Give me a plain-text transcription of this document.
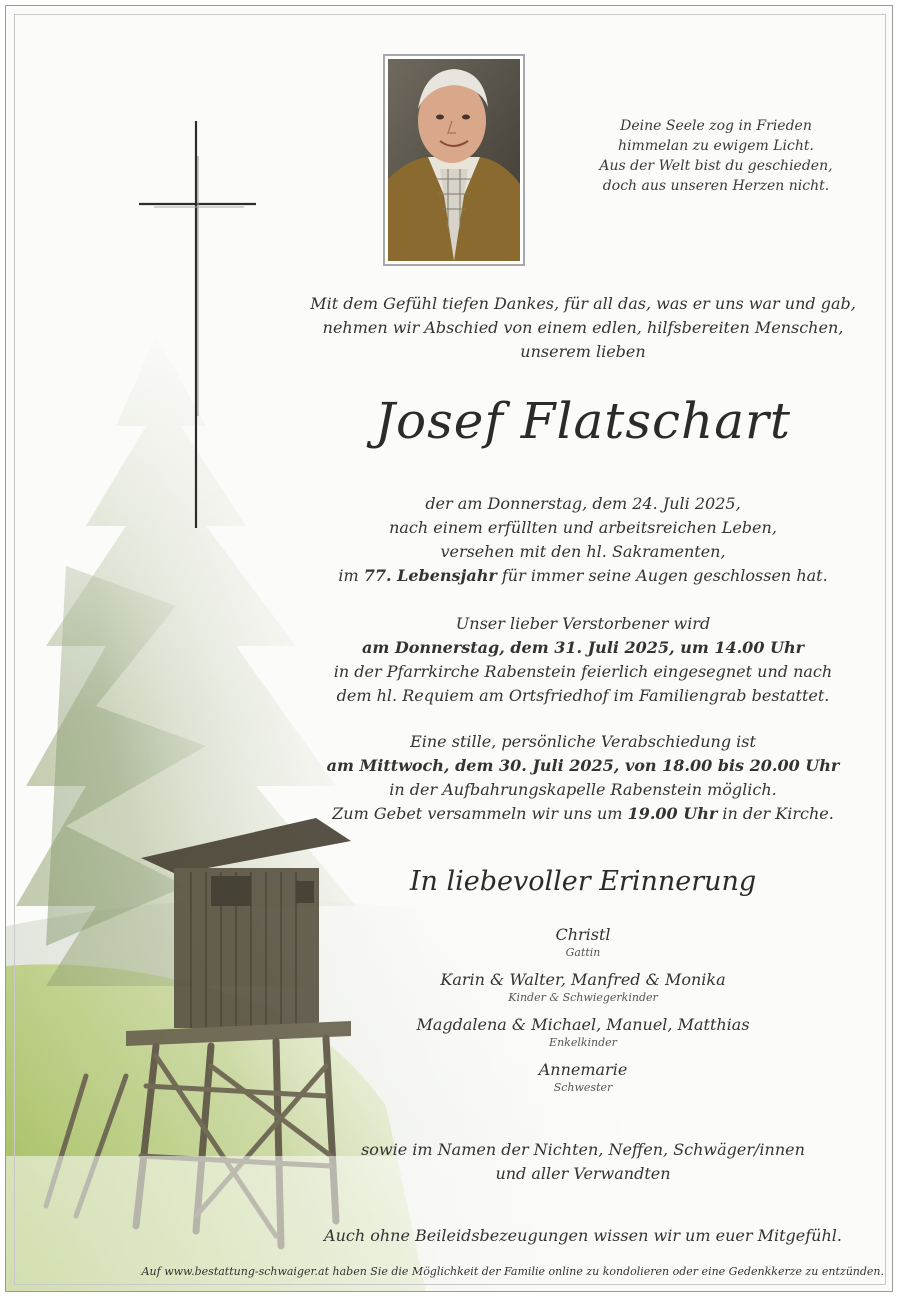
Deine Seele zog in Frieden
himmelan zu ewigem Licht.
Aus der Welt bist du geschieden,
doch aus unseren Herzen nicht.
Mit dem Gefühl tiefen Dankes, für all das, was er uns war und gab,
nehmen wir Abschied von einem edlen, hilfsbereiten Menschen,
unserem lieben
Josef Flatschart
der am Donnerstag, dem 24. Juli 2025,
nach einem erfüllten und arbeitsreichen Leben,
versehen mit den hl. Sakramenten,
im 77. Lebensjahr für immer seine Augen geschlossen hat.
Unser lieber Verstorbener wird
am Donnerstag, dem 31. Juli 2025, um 14.00 Uhr
in der Pfarrkirche Rabenstein feierlich eingesegnet und nach
dem hl. Requiem am Ortsfriedhof im Familiengrab bestattet.
Eine stille, persönliche Verabschiedung ist
am Mittwoch, dem 30. Juli 2025, von 18.00 bis 20.00 Uhr
in der Aufbahrungskapelle Rabenstein möglich.
Zum Gebet versammeln wir uns um 19.00 Uhr in der Kirche.
In liebevoller Erinnerung
Christl
Gattin
Karin & Walter, Manfred & Monika
Kinder & Schwiegerkinder
Magdalena & Michael, Manuel, Matthias
Enkelkinder
Annemarie
Schwester
sowie im Namen der Nichten, Neffen, Schwäger/innen
und aller Verwandten
Auch ohne Beileidsbezeugungen wissen wir um euer Mitgefühl.
Auf www.bestattung-schwaiger.at haben Sie die Möglichkeit der Familie online zu kondolieren oder eine Gedenkkerze zu entzünden.
